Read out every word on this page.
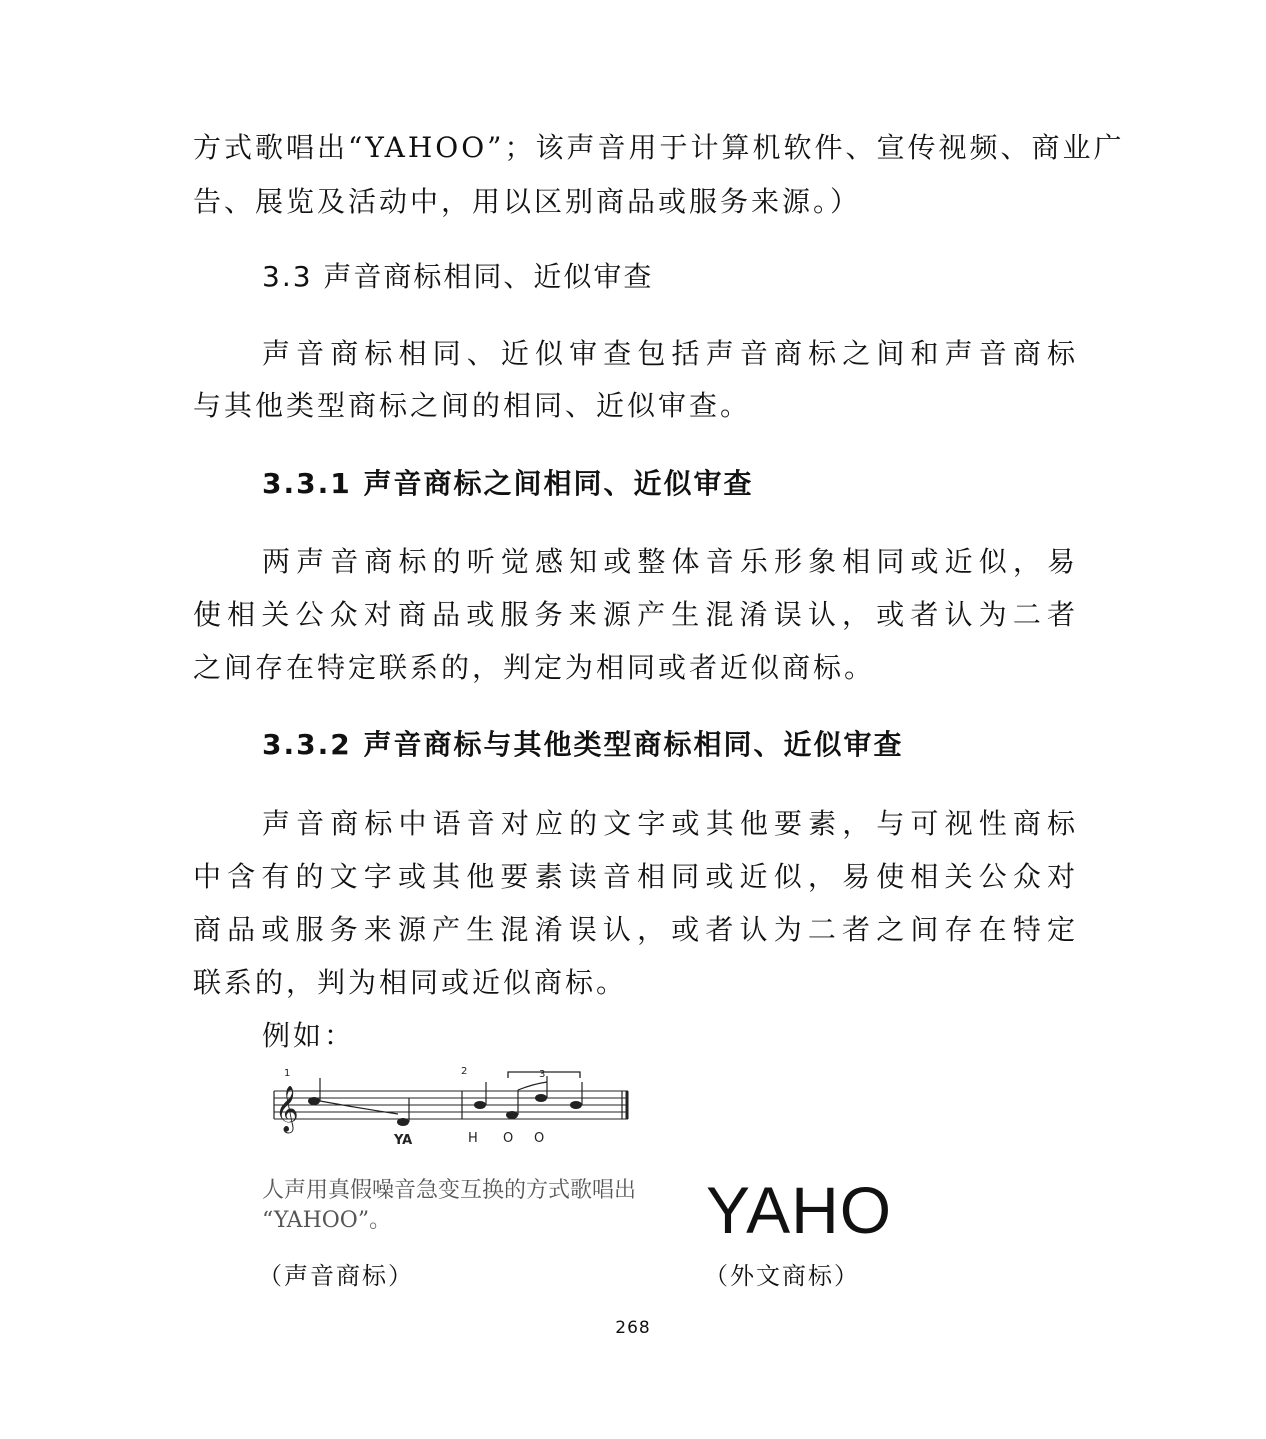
方式歌唱出“YAHOO”；该声音用于计算机软件、宣传视频、商业广
告、展览及活动中，用以区别商品或服务来源。）
3.3 声音商标相同、近似审查
声音商标相同、近似审查包括声音商标之间和声音商标
与其他类型商标之间的相同、近似审查。
3.3.1 声音商标之间相同、近似审查
两声音商标的听觉感知或整体音乐形象相同或近似，易
使相关公众对商品或服务来源产生混淆误认，或者认为二者
之间存在特定联系的，判定为相同或者近似商标。
3.3.2 声音商标与其他类型商标相同、近似审查
声音商标中语音对应的文字或其他要素，与可视性商标
中含有的文字或其他要素读音相同或近似，易使相关公众对
商品或服务来源产生混淆误认，或者认为二者之间存在特定
联系的，判为相同或近似商标。
例如：
1	2	3
𝄞
YA	H O O
人声用真假噪音急变互换的方式歌唱出
“YAHOO”。	YAHO
（声音商标）	（外文商标）
268
